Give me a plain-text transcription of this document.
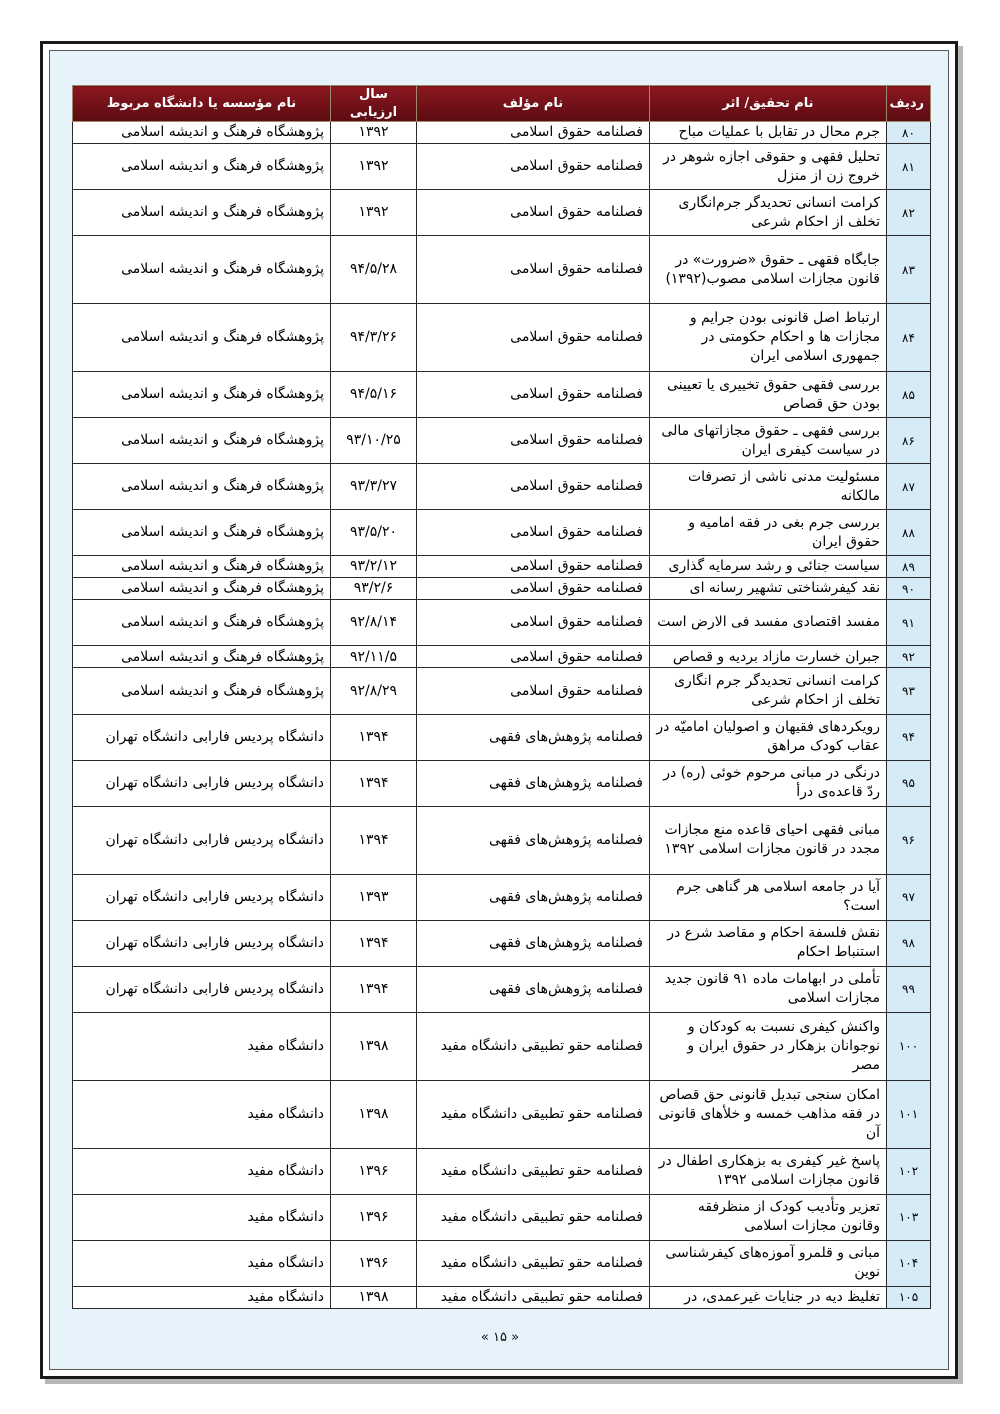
ردیف	نام تحقیق/ اثر	نام مؤلف	سال ارزیابی	نام مؤسسه یا دانشگاه مربوط
۸۰	جرم محال در تقابل با عملیات مباح	فصلنامه حقوق اسلامی	۱۳۹۲	پژوهشگاه فرهنگ و اندیشه اسلامی
۸۱	تحلیل فقهی و حقوقی اجازه شوهر در خروج زن از منزل	فصلنامه حقوق اسلامی	۱۳۹۲	پژوهشگاه فرهنگ و اندیشه اسلامی
۸۲	کرامت انسانی تحدیدگر جرم‌انگاری تخلف از احکام شرعی	فصلنامه حقوق اسلامی	۱۳۹۲	پژوهشگاه فرهنگ و اندیشه اسلامی
۸۳	جایگاه فقهی ـ حقوق «ضرورت» در قانون مجازات اسلامی مصوب(۱۳۹۲)	فصلنامه حقوق اسلامی	۹۴/۵/۲۸	پژوهشگاه فرهنگ و اندیشه اسلامی
۸۴	ارتباط اصل قانونی بودن جرایم و مجازات ها و احکام حکومتی در جمهوری اسلامی ایران	فصلنامه حقوق اسلامی	۹۴/۳/۲۶	پژوهشگاه فرهنگ و اندیشه اسلامی
۸۵	بررسی فقهی حقوق تخییری یا تعیینی بودن حق قصاص	فصلنامه حقوق اسلامی	۹۴/۵/۱۶	پژوهشگاه فرهنگ و اندیشه اسلامی
۸۶	بررسی فقهی ـ حقوق مجازاتهای مالی در سیاست کیفری ایران	فصلنامه حقوق اسلامی	۹۳/۱۰/۲۵	پژوهشگاه فرهنگ و اندیشه اسلامی
۸۷	مسئولیت مدنی ناشی از تصرفات مالکانه	فصلنامه حقوق اسلامی	۹۳/۳/۲۷	پژوهشگاه فرهنگ و اندیشه اسلامی
۸۸	بررسی جرم بغی در فقه امامیه و حقوق ایران	فصلنامه حقوق اسلامی	۹۳/۵/۲۰	پژوهشگاه فرهنگ و اندیشه اسلامی
۸۹	سیاست جنائی و رشد سرمایه گذاری	فصلنامه حقوق اسلامی	۹۳/۲/۱۲	پژوهشگاه فرهنگ و اندیشه اسلامی
۹۰	نقد کیفرشناختی تشهیر رسانه ای	فصلنامه حقوق اسلامی	۹۳/۲/۶	پژوهشگاه فرهنگ و اندیشه اسلامی
۹۱	مفسد اقتصادی مفسد فی الارض است	فصلنامه حقوق اسلامی	۹۲/۸/۱۴	پژوهشگاه فرهنگ و اندیشه اسلامی
۹۲	جبران خسارت مازاد بردیه و قصاص	فصلنامه حقوق اسلامی	۹۲/۱۱/۵	پژوهشگاه فرهنگ و اندیشه اسلامی
۹۳	کرامت انسانی تحدیدگر جرم انگاری تخلف از احکام شرعی	فصلنامه حقوق اسلامی	۹۲/۸/۲۹	پژوهشگاه فرهنگ و اندیشه اسلامی
۹۴	رویکردهای فقیهان و اصولیان امامیّه در عقاب کودک مراهق	فصلنامه پژوهش‌های فقهی	۱۳۹۴	دانشگاه پردیس فارابی دانشگاه تهران
۹۵	درنگی در مبانی مرحوم خوئی (ره) در ردّ قاعده‌ی درأ	فصلنامه پژوهش‌های فقهی	۱۳۹۴	دانشگاه پردیس فارابی دانشگاه تهران
۹۶	مبانی فقهی احیای قاعده منع مجازات مجدد در قانون مجازات اسلامی ۱۳۹۲	فصلنامه پژوهش‌های فقهی	۱۳۹۴	دانشگاه پردیس فارابی دانشگاه تهران
۹۷	آیا در جامعه اسلامی هر گناهی جرم است؟	فصلنامه پژوهش‌های فقهی	۱۳۹۳	دانشگاه پردیس فارابی دانشگاه تهران
۹۸	نقش فلسفة احکام و مقاصد شرع در استنباط احکام	فصلنامه پژوهش‌های فقهی	۱۳۹۴	دانشگاه پردیس فارابی دانشگاه تهران
۹۹	تأملی در ابهامات ماده ۹۱ قانون جدید مجازات اسلامی	فصلنامه پژوهش‌های فقهی	۱۳۹۴	دانشگاه پردیس فارابی دانشگاه تهران
۱۰۰	واکنش کیفری نسبت به کودکان و نوجوانان بزهکار در حقوق ایران و مصر	فصلنامه حقو تطبیقی دانشگاه مفید	۱۳۹۸	دانشگاه مفید
۱۰۱	امکان سنجی تبدیل قانونی حق قصاص در فقه مذاهب خمسه و خلأهای قانونی آن	فصلنامه حقو تطبیقی دانشگاه مفید	۱۳۹۸	دانشگاه مفید
۱۰۲	پاسخ غیر کیفری به بزهکاری اطفال در قانون مجازات اسلامی ۱۳۹۲	فصلنامه حقو تطبیقی دانشگاه مفید	۱۳۹۶	دانشگاه مفید
۱۰۳	تعزیر وتأدیب کودک از منظرفقه وقانون مجازات اسلامی	فصلنامه حقو تطبیقی دانشگاه مفید	۱۳۹۶	دانشگاه مفید
۱۰۴	مبانی و قلمرو آموزه‌های کیفرشناسی نوین	فصلنامه حقو تطبیقی دانشگاه مفید	۱۳۹۶	دانشگاه مفید
۱۰۵	تغلیظ دیه در جنایات غیرعمدی، در	فصلنامه حقو تطبیقی دانشگاه مفید	۱۳۹۸	دانشگاه مفید
« ۱۵ »
